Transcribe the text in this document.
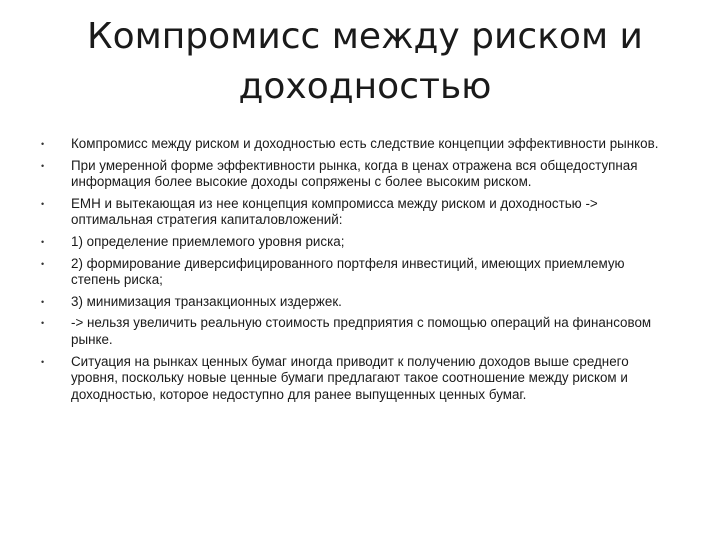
Компромисс между риском и доходностью
•	Компромисс между риском и доходностью есть следствие концепции эффективности рынков.
•	При умеренной форме эффективности рынка, когда в ценах отражена вся общедоступная информация более высокие доходы сопряжены с более высоким риском.
•	ЕМН и вытекающая из нее концепция компромисса между риском и доходностью -> оптимальная стратегия капиталовложений:
•	1) определение приемлемого уровня риска;
•	2) формирование диверсифицированного портфеля инвестиций, имеющих приемлемую степень риска;
•	3) минимизация транзакционных издержек.
•	-> нельзя увеличить реальную стоимость предприятия с помощью операций на финансовом рынке.
•	Ситуация на рынках ценных бумаг иногда приводит к получению доходов выше среднего уровня, поскольку новые ценные бумаги предлагают такое соотношение между риском и доходностью, которое недоступно для ранее выпущенных ценных бумаг.
